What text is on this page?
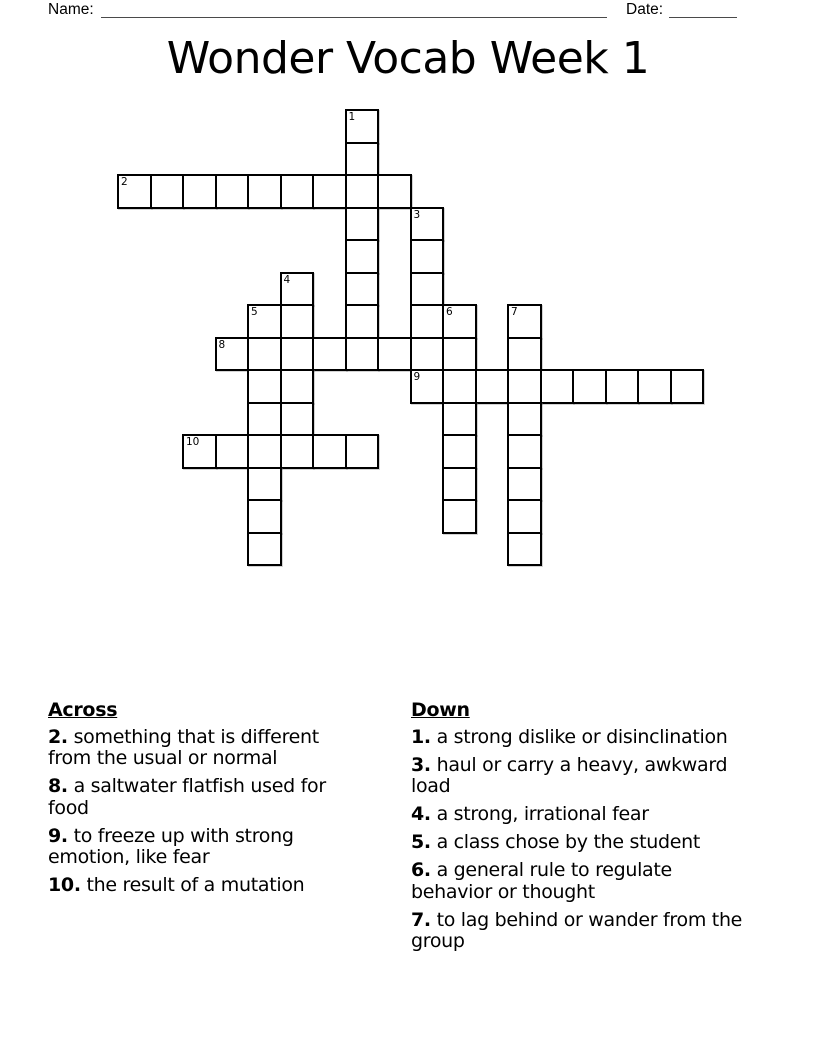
Name:	Date:
Wonder Vocab Week 1
1
2
3
4
5	6	7
8
9
10

Across

2. something that is different from the usual or normal

8. a saltwater flatfish used for food

9. to freeze up with strong emotion, like fear

10. the result of a mutation

Down

1. a strong dislike or disinclination

3. haul or carry a heavy, awkward load

4. a strong, irrational fear

5. a class chose by the student

6. a general rule to regulate behavior or thought

7. to lag behind or wander from the group
